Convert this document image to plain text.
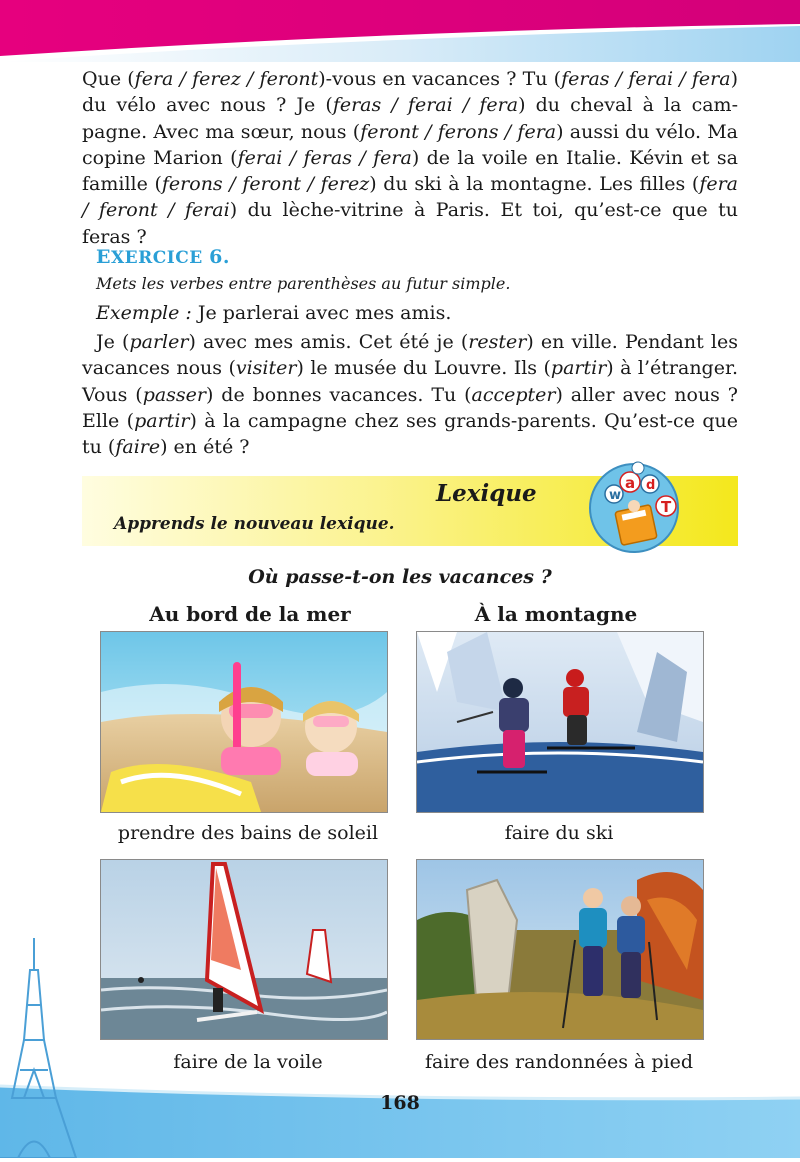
Que (fera / ferez / feront)-vous en vacances ? Tu (feras / ferai / fera) du vélo avec nous ? Je (feras / ferai / fera) du cheval à la cam- pagne. Avec ma sœur, nous (feront / ferons / fera) aussi du vélo. Ma copine Marion (ferai / feras / fera) de la voile en Italie. Kévin et sa famille (ferons / feront / ferez) du ski à la montagne. Les filles (fera / feront / ferai) du lèche-vitrine à Paris. Et toi, qu’est-ce que tu feras ?

EXERCICE 6.

Mets les verbes entre parenthèses au futur simple.

Exemple : Je parlerai avec mes amis.

Je (parler) avec mes amis. Cet été je (rester) en ville. Pendant les vacances nous (visiter) le musée du Louvre. Ils (partir) à l’étranger. Vous (passer) de bonnes vacances. Tu (accepter) aller avec nous ? Elle (partir) à la campagne chez ses grands-parents. Qu’est-ce que tu (faire) en été ?

Lexique

Apprends le nouveau lexique.

w
a d
T

Où passe-t-on les vacances ?

Au bord de la mer	À la montagne

prendre des bains de soleil	faire du ski

faire de la voile	faire des randonnées à pied

168
